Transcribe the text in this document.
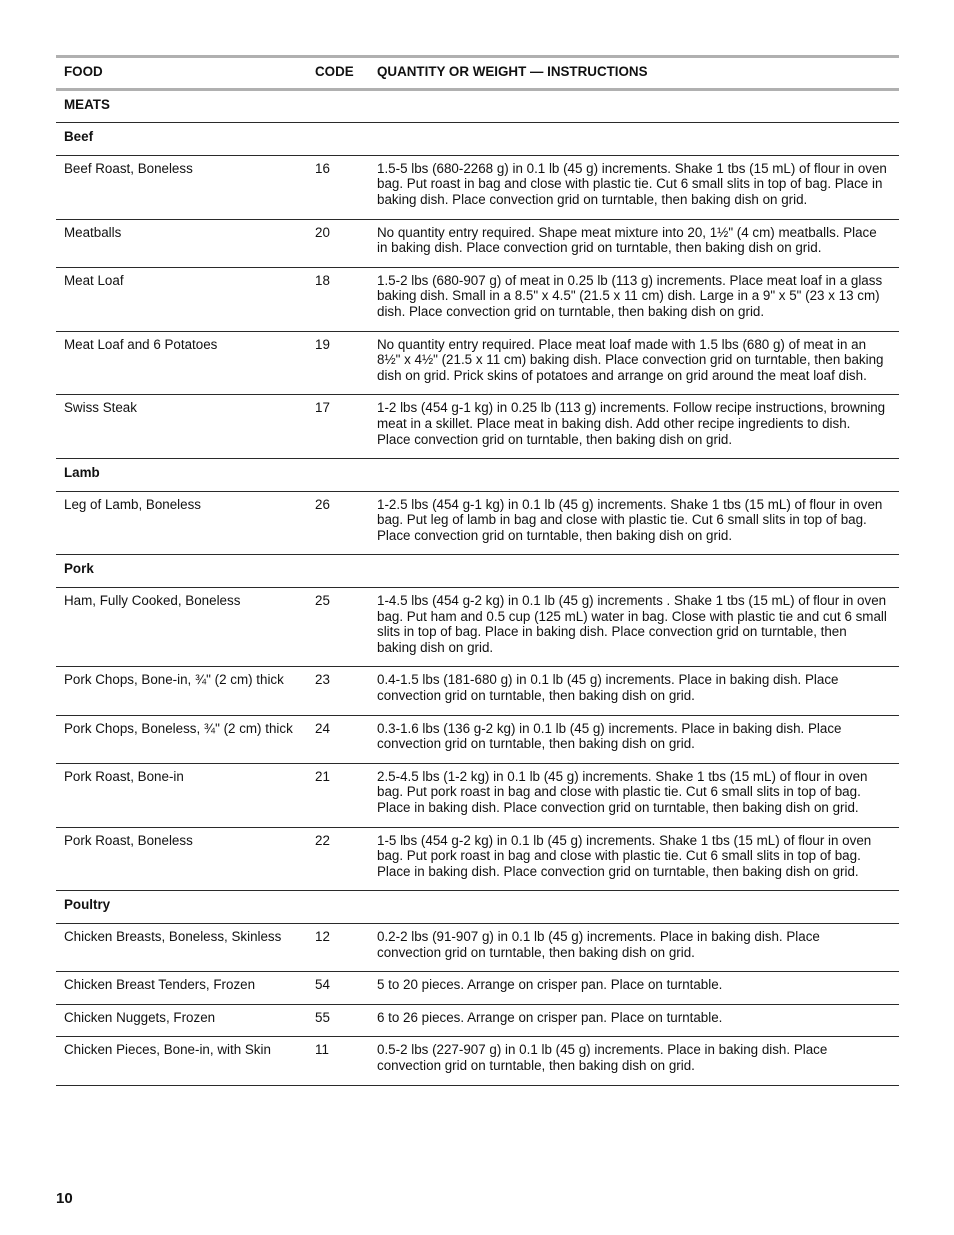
FOOD	CODE	QUANTITY OR WEIGHT — INSTRUCTIONS
MEATS
Beef
Beef Roast, Boneless	16	1.5-5 lbs (680-2268 g) in 0.1 lb (45 g) increments. Shake 1 tbs (15 mL) of flour in oven bag. Put roast in bag and close with plastic tie. Cut 6 small slits in top of bag. Place in baking dish. Place convection grid on turntable, then baking dish on grid.
Meatballs	20	No quantity entry required. Shape meat mixture into 20, 1½" (4 cm) meatballs. Place in baking dish. Place convection grid on turntable, then baking dish on grid.
Meat Loaf	18	1.5-2 lbs (680-907 g) of meat in 0.25 lb (113 g) increments. Place meat loaf in a glass baking dish. Small in a 8.5" x 4.5" (21.5 x 11 cm) dish. Large in a 9" x 5" (23 x 13 cm) dish. Place convection grid on turntable, then baking dish on grid.
Meat Loaf and 6 Potatoes	19	No quantity entry required. Place meat loaf made with 1.5 lbs (680 g) of meat in an 8½" x 4½" (21.5 x 11 cm) baking dish. Place convection grid on turntable, then baking dish on grid. Prick skins of potatoes and arrange on grid around the meat loaf dish.
Swiss Steak	17	1-2 lbs (454 g-1 kg) in 0.25 lb (113 g) increments. Follow recipe instructions, browning meat in a skillet. Place meat in baking dish. Add other recipe ingredients to dish. Place convection grid on turntable, then baking dish on grid.
Lamb
Leg of Lamb, Boneless	26	1-2.5 lbs (454 g-1 kg) in 0.1 lb (45 g) increments. Shake 1 tbs (15 mL) of flour in oven bag. Put leg of lamb in bag and close with plastic tie. Cut 6 small slits in top of bag. Place convection grid on turntable, then baking dish on grid.
Pork
Ham, Fully Cooked, Boneless	25	1-4.5 lbs (454 g-2 kg) in 0.1 lb (45 g) increments . Shake 1 tbs (15 mL) of flour in oven bag. Put ham and 0.5 cup (125 mL) water in bag. Close with plastic tie and cut 6 small slits in top of bag. Place in baking dish. Place convection grid on turntable, then baking dish on grid.
Pork Chops, Bone-in, ¾" (2 cm) thick	23	0.4-1.5 lbs (181-680 g) in 0.1 lb (45 g) increments. Place in baking dish. Place convection grid on turntable, then baking dish on grid.
Pork Chops, Boneless, ¾" (2 cm) thick	24	0.3-1.6 lbs (136 g-2 kg) in 0.1 lb (45 g) increments. Place in baking dish. Place convection grid on turntable, then baking dish on grid.
Pork Roast, Bone-in	21	2.5-4.5 lbs (1-2 kg) in 0.1 lb (45 g) increments. Shake 1 tbs (15 mL) of flour in oven bag. Put pork roast in bag and close with plastic tie. Cut 6 small slits in top of bag. Place in baking dish. Place convection grid on turntable, then baking dish on grid.
Pork Roast, Boneless	22	1-5 lbs (454 g-2 kg) in 0.1 lb (45 g) increments. Shake 1 tbs (15 mL) of flour in oven bag. Put pork roast in bag and close with plastic tie. Cut 6 small slits in top of bag. Place in baking dish. Place convection grid on turntable, then baking dish on grid.
Poultry
Chicken Breasts, Boneless, Skinless	12	0.2-2 lbs (91-907 g) in 0.1 lb (45 g) increments. Place in baking dish. Place convection grid on turntable, then baking dish on grid.
Chicken Breast Tenders, Frozen	54	5 to 20 pieces. Arrange on crisper pan. Place on turntable.
Chicken Nuggets, Frozen	55	6 to 26 pieces. Arrange on crisper pan. Place on turntable.
Chicken Pieces, Bone-in, with Skin	11	0.5-2 lbs (227-907 g) in 0.1 lb (45 g) increments. Place in baking dish. Place convection grid on turntable, then baking dish on grid.
10
